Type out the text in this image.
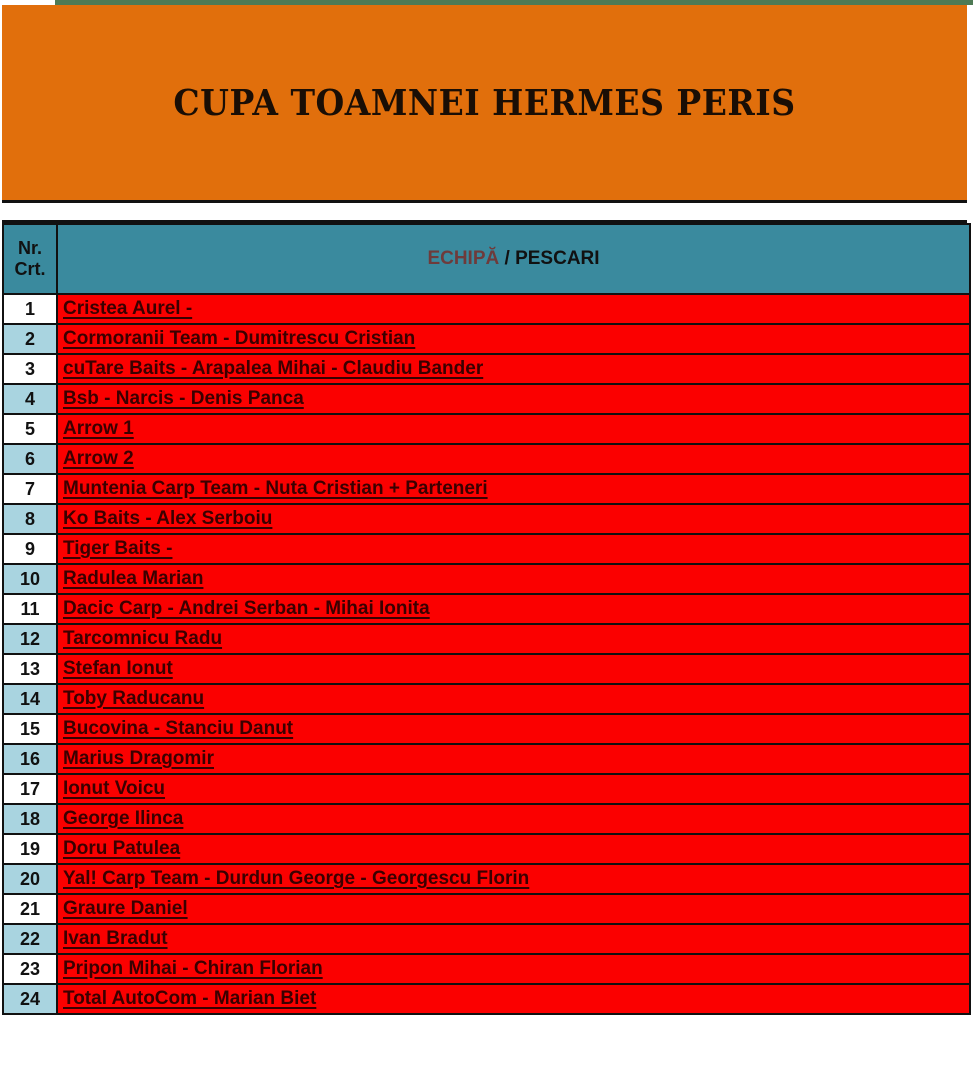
CUPA TOAMNEI HERMES PERIS
Nr.
Crt.	ECHIPĂ / PESCARI
1	Cristea Aurel -
2	Cormoranii Team - Dumitrescu Cristian
3	cuTare Baits - Arapalea Mihai - Claudiu Bander
4	Bsb - Narcis - Denis Panca
5	Arrow 1
6	Arrow 2
7	Muntenia Carp Team - Nuta Cristian + Parteneri
8	Ko Baits - Alex Serboiu
9	Tiger Baits -
10	Radulea Marian
11	Dacic Carp - Andrei Serban - Mihai Ionita
12	Tarcomnicu Radu
13	Stefan Ionut
14	Toby Raducanu
15	Bucovina - Stanciu Danut
16	Marius Dragomir
17	Ionut Voicu
18	George Ilinca
19	Doru Patulea
20	Yal! Carp Team - Durdun George - Georgescu Florin
21	Graure Daniel
22	Ivan Bradut
23	Pripon Mihai - Chiran Florian
24	Total AutoCom - Marian Biet
